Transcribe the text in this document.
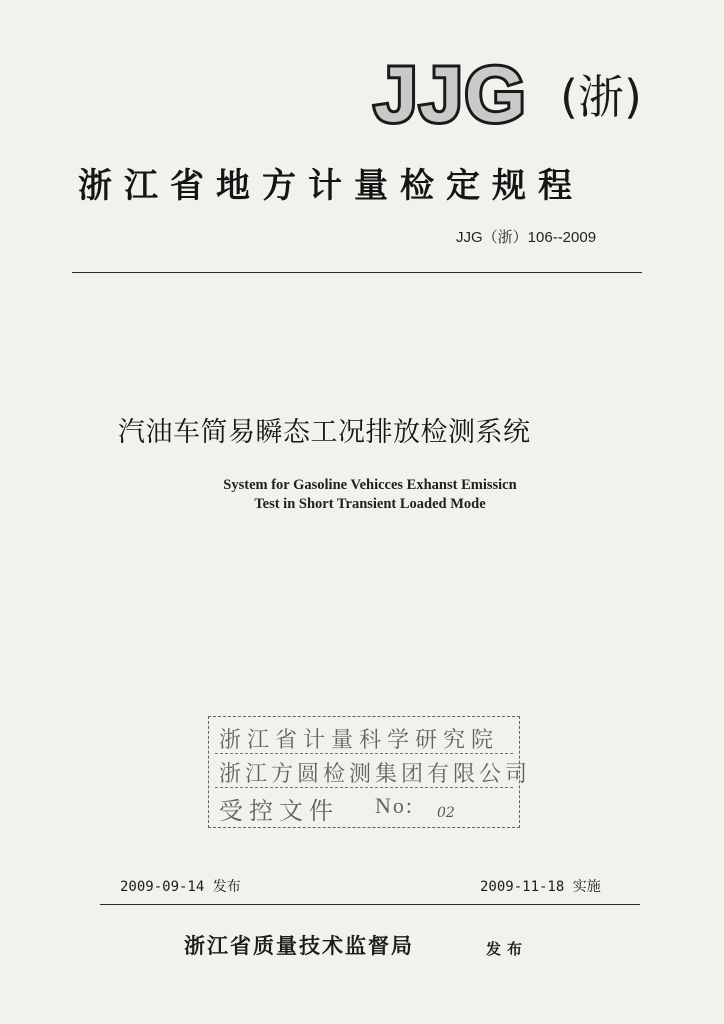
JJG (浙)
浙江省地方计量检定规程
JJG（浙）106--2009
汽油车简易瞬态工况排放检测系统
System for Gasoline Vehicces Exhanst Emissicn
Test in Short Transient Loaded Mode
浙江省计量科学研究院
浙江方圆检测集团有限公司
受控文件 No: 02
2009-09-14 发布	2009-11-18 实施
浙江省质量技术监督局	发布
